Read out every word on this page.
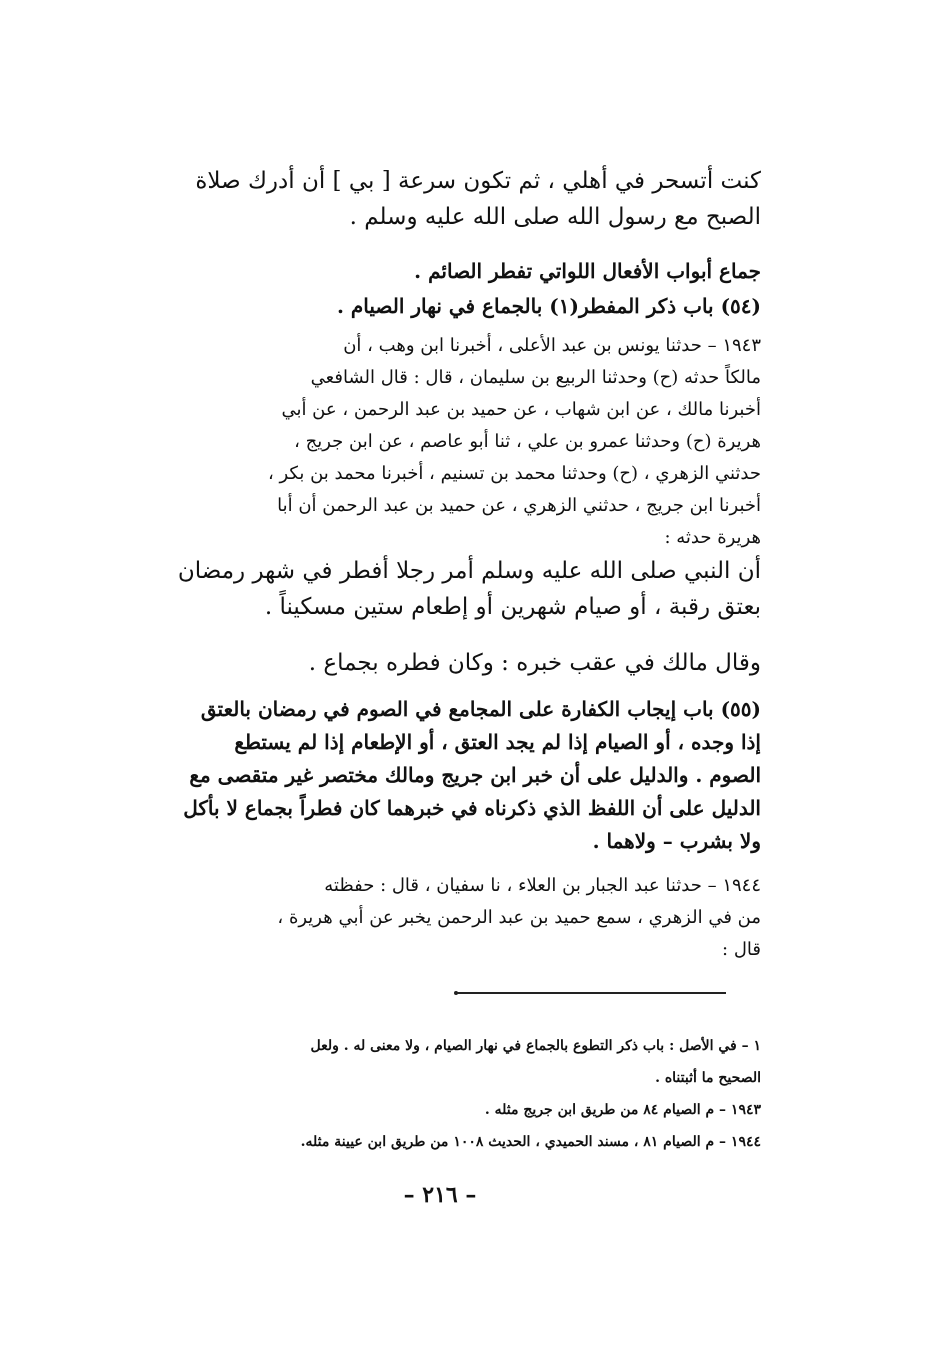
كنت أتسحر في أهلي ، ثم تكون سرعة [ بي ] أن أدرك صلاة
الصبح مع رسول الله صلى الله عليه وسلم .
جماع أبواب الأفعال اللواتي تفطر الصائم .
(٥٤) باب ذكر المفطر(١) بالجماع في نهار الصيام .
١٩٤٣ – حدثنا يونس بن عبد الأعلى ، أخبرنا ابن وهب ، أن
مالكاً حدثه (ح) وحدثنا الربيع بن سليمان ، قال : قال الشافعي
أخبرنا مالك ، عن ابن شهاب ، عن حميد بن عبد الرحمن ، عن أبي
هريرة (ح) وحدثنا عمرو بن علي ، ثنا أبو عاصم ، عن ابن جريج ،
حدثني الزهري ، (ح) وحدثنا محمد بن تسنيم ، أخبرنا محمد بن بكر ،
أخبرنا ابن جريج ، حدثني الزهري ، عن حميد بن عبد الرحمن أن أبا
هريرة حدثه :
أن النبي صلى الله عليه وسلم أمر رجلا أفطر في شهر رمضان
بعتق رقبة ، أو صيام شهرين أو إطعام ستين مسكيناً .
وقال مالك في عقب خبره : وكان فطره بجماع .
(٥٥) باب إيجاب الكفارة على المجامع في الصوم في رمضان بالعتق
إذا وجده ، أو الصيام إذا لم يجد العتق ، أو الإطعام إذا لم يستطع
الصوم . والدليل على أن خبر ابن جريج ومالك مختصر غير متقصى مع
الدليل على أن اللفظ الذي ذكرناه في خبرهما كان فطراً بجماع لا بأكل
ولا بشرب – ولاهما .
١٩٤٤ – حدثنا عبد الجبار بن العلاء ، نا سفيان ، قال : حفظته
من في الزهري ، سمع حميد بن عبد الرحمن يخبر عن أبي هريرة ،
قال :
١ – في الأصل : باب ذكر التطوع بالجماع في نهار الصيام ، ولا معنى له . ولعل
الصحيح ما أثبتناه .
١٩٤٣ – م الصيام ٨٤ من طريق ابن جريج مثله .
١٩٤٤ – م الصيام ٨١ ، مسند الحميدي ، الحديث ١٠٠٨ من طريق ابن عيينة مثله.
– ٢١٦ –
